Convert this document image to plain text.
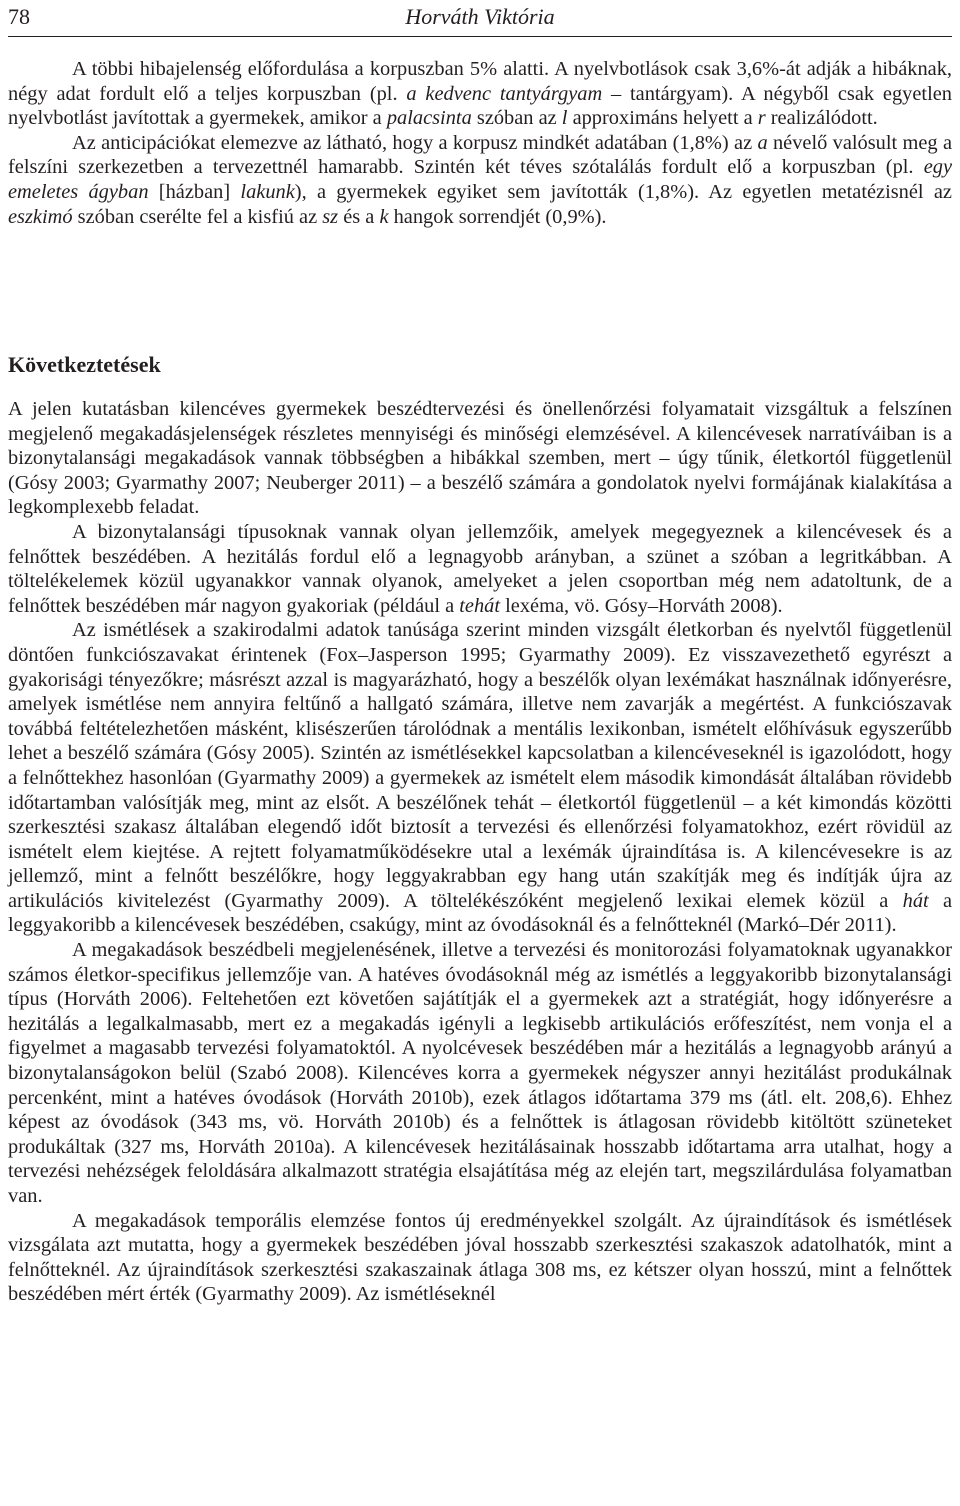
78	Horváth Viktória

A többi hibajelenség előfordulása a korpuszban 5% alatti. A nyelvbotlások csak 3,6%-át adják a hibáknak, négy adat fordult elő a teljes korpuszban (pl. a kedvenc tantyárgyam – tantárgyam). A négyből csak egyetlen nyelvbotlást javítottak a gyermekek, amikor a palacsinta szóban az l approximáns helyett a r realizálódott.

Az anticipációkat elemezve az látható, hogy a korpusz mindkét adatában (1,8%) az a névelő valósult meg a felszíni szerkezetben a tervezettnél hamarabb. Szintén két téves szótalálás fordult elő a korpuszban (pl. egy emeletes ágyban [házban] lakunk), a gyermekek egyiket sem javították (1,8%). Az egyetlen metatézisnél az eszkimó szóban cserélte fel a kisfiú az sz és a k hangok sorrendjét (0,9%).

Következtetések

A jelen kutatásban kilencéves gyermekek beszédtervezési és önellenőrzési folyamatait vizsgáltuk a felszínen megjelenő megakadásjelenségek részletes mennyiségi és minőségi elemzésével. A kilencévesek narratíváiban is a bizonytalansági megakadások vannak többségben a hibákkal szemben, mert – úgy tűnik, életkortól függetlenül (Gósy 2003; Gyarmathy 2007; Neuberger 2011) – a beszélő számára a gondolatok nyelvi formájának kialakítása a legkomplexebb feladat.

A bizonytalansági típusoknak vannak olyan jellemzőik, amelyek megegyeznek a kilencévesek és a felnőttek beszédében. A hezitálás fordul elő a legnagyobb arányban, a szünet a szóban a legritkábban. A töltelékelemek közül ugyanakkor vannak olyanok, amelyeket a jelen csoportban még nem adatoltunk, de a felnőttek beszédében már nagyon gyakoriak (például a tehát lexéma, vö. Gósy–Horváth 2008).

Az ismétlések a szakirodalmi adatok tanúsága szerint minden vizsgált életkorban és nyelvtől függetlenül döntően funkciószavakat érintenek (Fox–Jasperson 1995; Gyarmathy 2009). Ez visszavezethető egyrészt a gyakorisági tényezőkre; másrészt azzal is magyarázható, hogy a beszélők olyan lexémákat használnak időnyerésre, amelyek ismétlése nem annyira feltűnő a hallgató számára, illetve nem zavarják a megértést. A funkciószavak továbbá feltételezhetően másként, klisészerűen tárolódnak a mentális lexikonban, ismételt előhívásuk egyszerűbb lehet a beszélő számára (Gósy 2005). Szintén az ismétlésekkel kapcsolatban a kilencéveseknél is igazolódott, hogy a felnőttekhez hasonlóan (Gyarmathy 2009) a gyermekek az ismételt elem második kimondását általában rövidebb időtartamban valósítják meg, mint az elsőt. A beszélőnek tehát – életkortól függetlenül – a két kimondás közötti szerkesztési szakasz általában elegendő időt biztosít a tervezési és ellenőrzési folyamatokhoz, ezért rövidül az ismételt elem kiejtése. A rejtett folyamatműködésekre utal a lexémák újraindítása is. A kilencévesekre is az jellemző, mint a felnőtt beszélőkre, hogy leggyakrabban egy hang után szakítják meg és indítják újra az artikulációs kivitelezést (Gyarmathy 2009). A töltelékészóként megjelenő lexikai elemek közül a hát a leggyakoribb a kilencévesek beszédében, csakúgy, mint az óvodásoknál és a felnőtteknél (Markó–Dér 2011).

A megakadások beszédbeli megjelenésének, illetve a tervezési és monitorozási folyamatoknak ugyanakkor számos életkor-specifikus jellemzője van. A hatéves óvodásoknál még az ismétlés a leggyakoribb bizonytalansági típus (Horváth 2006). Feltehetően ezt követően sajátítják el a gyermekek azt a stratégiát, hogy időnyerésre a hezitálás a legalkalmasabb, mert ez a megakadás igényli a legkisebb artikulációs erőfeszítést, nem vonja el a figyelmet a magasabb tervezési folyamatoktól. A nyolcévesek beszédében már a hezitálás a legnagyobb arányú a bizonytalanságokon belül (Szabó 2008). Kilencéves korra a gyermekek négyszer annyi hezitálást produkálnak percenként, mint a hatéves óvodások (Horváth 2010b), ezek átlagos időtartama 379 ms (átl. elt. 208,6). Ehhez képest az óvodások (343 ms, vö. Horváth 2010b) és a felnőttek is átlagosan rövidebb kitöltött szüneteket produkáltak (327 ms, Horváth 2010a). A kilencévesek hezitálásainak hosszabb időtartama arra utalhat, hogy a tervezési nehézségek feloldására alkalmazott stratégia elsajátítása még az elején tart, megszilárdulása folyamatban van.

A megakadások temporális elemzése fontos új eredményekkel szolgált. Az újraindítások és ismétlések vizsgálata azt mutatta, hogy a gyermekek beszédében jóval hosszabb szerkesztési szakaszok adatolhatók, mint a felnőtteknél. Az újraindítások szerkesztési szakaszainak átlaga 308 ms, ez kétszer olyan hosszú, mint a felnőttek beszédében mért érték (Gyarmathy 2009). Az ismétléseknél
